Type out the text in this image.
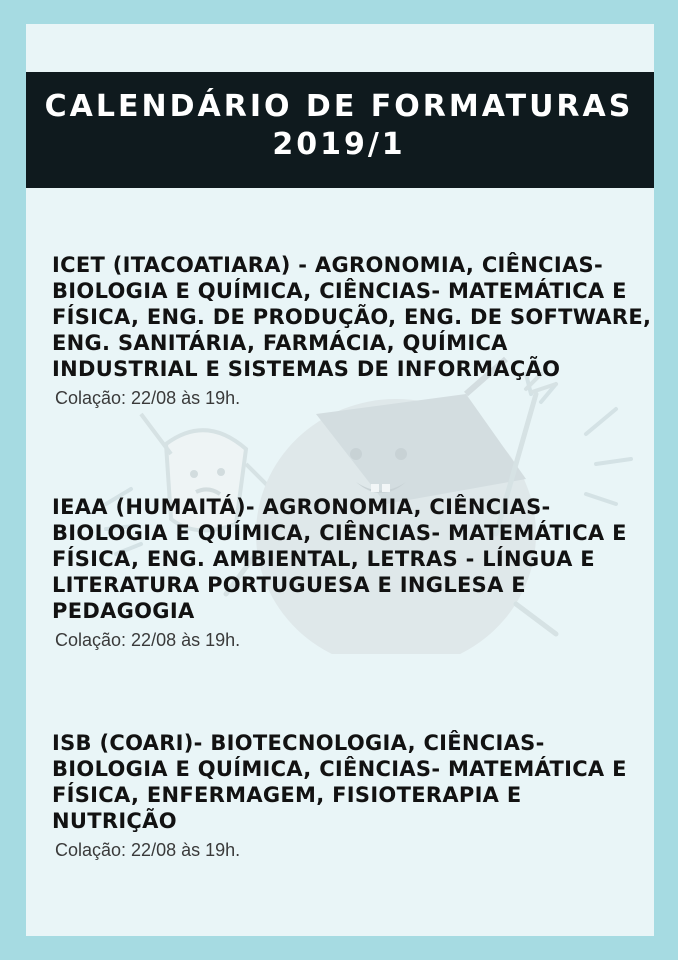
CALENDÁRIO DE FORMATURAS 2019/1
ICET (ITACOATIARA) - AGRONOMIA, CIÊNCIAS- BIOLOGIA E QUÍMICA, CIÊNCIAS- MATEMÁTICA E FÍSICA, ENG. DE PRODUÇÃO, ENG. DE SOFTWARE, ENG. SANITÁRIA, FARMÁCIA, QUÍMICA INDUSTRIAL E SISTEMAS DE INFORMAÇÃO

Colação: 22/08 às 19h.

IEAA (HUMAITÁ)- AGRONOMIA, CIÊNCIAS- BIOLOGIA E QUÍMICA, CIÊNCIAS- MATEMÁTICA E FÍSICA, ENG. AMBIENTAL, LETRAS - LÍNGUA E LITERATURA PORTUGUESA E INGLESA E PEDAGOGIA

Colação: 22/08 às 19h.

ISB (COARI)- BIOTECNOLOGIA, CIÊNCIAS- BIOLOGIA E QUÍMICA, CIÊNCIAS- MATEMÁTICA E FÍSICA, ENFERMAGEM, FISIOTERAPIA E NUTRIÇÃO

Colação: 22/08 às 19h.
